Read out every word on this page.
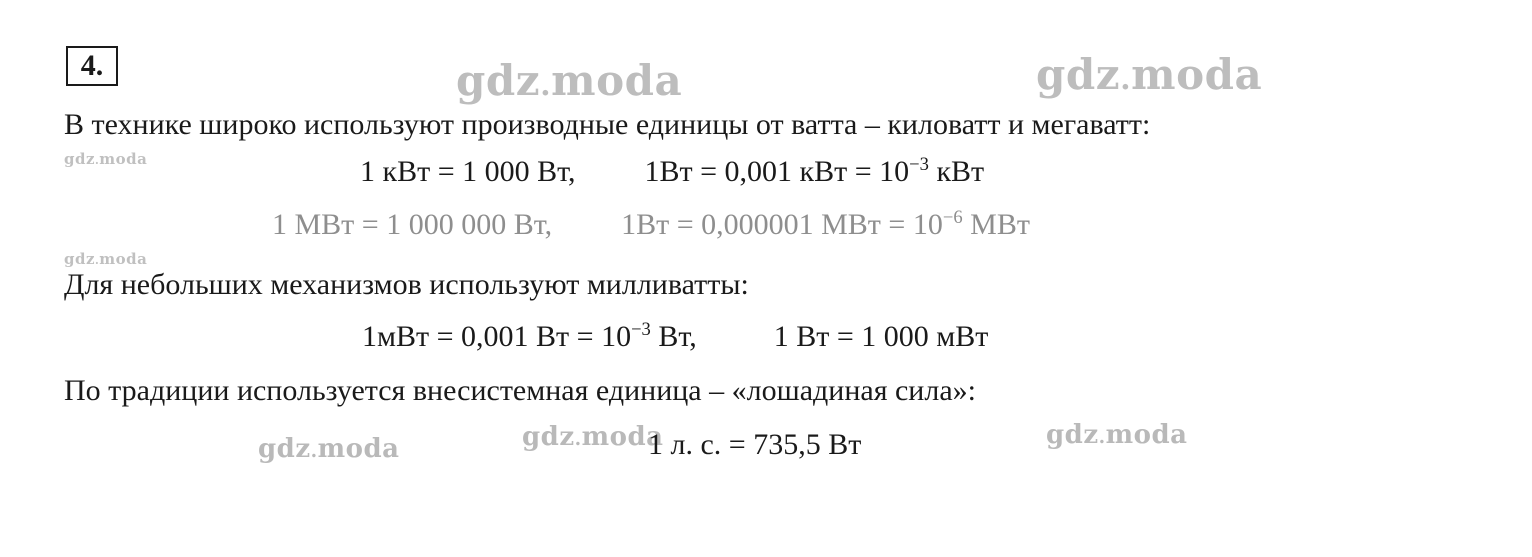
gdz.moda	gdz.moda
gdz.moda
gdz.moda
gdz.moda	gdz.moda	gdz.moda
4.
В технике широко используют производные единицы от ватта – киловатт и мегаватт:
1 кВт = 1 000 Вт, 1Вт = 0,001 кВт = $10^{-3}$ кВт
1 МВт = 1 000 000 Вт, 1Вт = 0,000001 МВт = $10^{-6}$ МВт
Для небольших механизмов используют милливатты:
1мВт = 0,001 Вт = $10^{-3}$ Вт,	1 Вт = 1 000 мВт
По традиции используется внесистемная единица – «лошадиная сила»:
1 л. с. = 735,5 Вт
